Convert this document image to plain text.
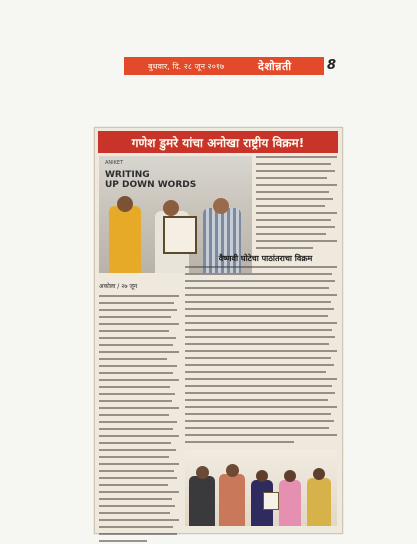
बुधवार, दि. २८ जून २०१७	देशोन्नती	8
गणेश डुमरे यांचा अनोखा राष्ट्रीय विक्रम!
ANIKET
WRITING
UP DOWN WORDS
वैष्णवी घोटेचा पाठांतराचा विक्रम
अकोला / २७ जून
